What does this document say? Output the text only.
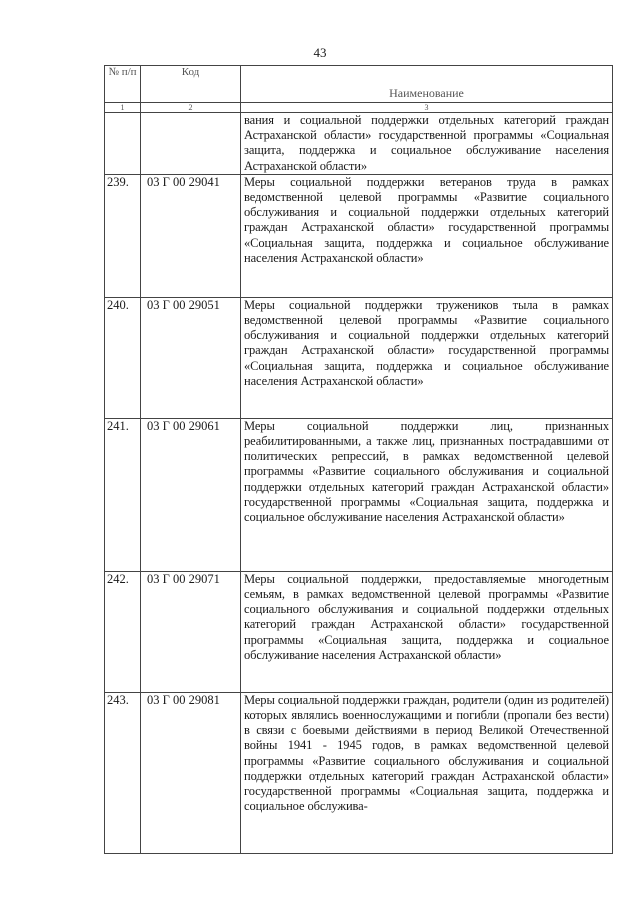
43
№ п/п	Код	Наименование
1	2	3
		вания и социальной поддержки отдельных категорий граждан Астраханской области» государственной программы «Социальная защита, поддержка и социальное обслуживание населения Астраханской области»
239.	03 Г 00 29041	Меры социальной поддержки ветеранов труда в рамках ведомственной целевой программы «Развитие социального обслуживания и социальной поддержки отдельных категорий граждан Астраханской области» государственной программы «Социальная защита, поддержка и социальное обслуживание населения Астраханской области»
240.	03 Г 00 29051	Меры социальной поддержки тружеников тыла в рамках ведомственной целевой программы «Развитие социального обслуживания и социальной поддержки отдельных категорий граждан Астраханской области» государственной программы «Социальная защита, поддержка и социальное обслуживание населения Астраханской области»
241.	03 Г 00 29061	Меры социальной поддержки лиц, признанных реабилитированными, а также лиц, признанных пострадавшими от политических репрессий, в рамках ведомственной целевой программы «Развитие социального обслуживания и социальной поддержки отдельных категорий граждан Астраханской области» государственной программы «Социальная защита, поддержка и социальное обслуживание населения Астраханской области»
242.	03 Г 00 29071	Меры социальной поддержки, предоставляемые многодетным семьям, в рамках ведомственной целевой программы «Развитие социального обслуживания и социальной поддержки отдельных категорий граждан Астраханской области» государственной программы «Социальная защита, поддержка и социальное обслуживание населения Астраханской области»
243.	03 Г 00 29081	Меры социальной поддержки граждан, родители (один из родителей) которых являлись военнослужащими и погибли (пропали без вести) в связи с боевыми действиями в период Великой Отечественной войны 1941 - 1945 годов, в рамках ведомственной целевой программы «Развитие социального обслуживания и социальной поддержки отдельных категорий граждан Астраханской области» государственной программы «Социальная защита, поддержка и социальное обслужива-
